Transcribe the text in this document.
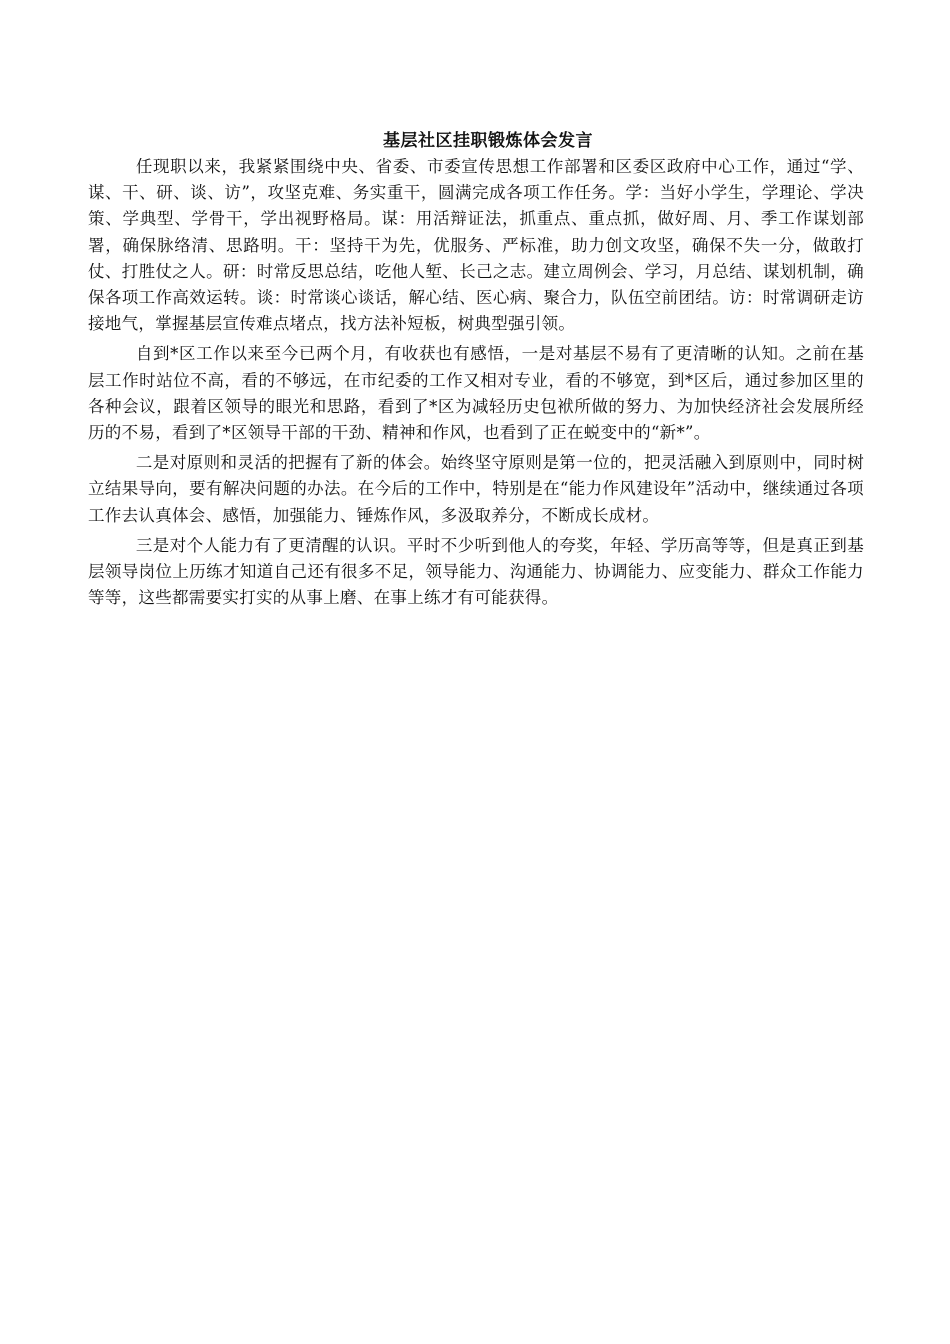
基层社区挂职锻炼体会发言

任现职以来，我紧紧围绕中央、省委、市委宣传思想工作部署和区委区政府中心工作，通过“学、谋、干、研、谈、访”，攻坚克难、务实重干，圆满完成各项工作任务。学：当好小学生，学理论、学决策、学典型、学骨干，学出视野格局。谋：用活辩证法，抓重点、重点抓，做好周、月、季工作谋划部署，确保脉络清、思路明。干：坚持干为先，优服务、严标准，助力创文攻坚，确保不失一分，做敢打仗、打胜仗之人。研：时常反思总结，吃他人堑、长己之志。建立周例会、学习，月总结、谋划机制，确保各项工作高效运转。谈：时常谈心谈话，解心结、医心病、聚合力，队伍空前团结。访：时常调研走访接地气，掌握基层宣传难点堵点，找方法补短板，树典型强引领。

自到*区工作以来至今已两个月，有收获也有感悟，一是对基层不易有了更清晰的认知。之前在基层工作时站位不高，看的不够远，在市纪委的工作又相对专业，看的不够宽，到*区后，通过参加区里的各种会议，跟着区领导的眼光和思路，看到了*区为减轻历史包袱所做的努力、为加快经济社会发展所经历的不易，看到了*区领导干部的干劲、精神和作风，也看到了正在蜕变中的“新*”。

二是对原则和灵活的把握有了新的体会。始终坚守原则是第一位的，把灵活融入到原则中，同时树立结果导向，要有解决问题的办法。在今后的工作中，特别是在“能力作风建设年”活动中，继续通过各项工作去认真体会、感悟，加强能力、锤炼作风，多汲取养分，不断成长成材。

三是对个人能力有了更清醒的认识。平时不少听到他人的夸奖，年轻、学历高等等，但是真正到基层领导岗位上历练才知道自己还有很多不足，领导能力、沟通能力、协调能力、应变能力、群众工作能力等等，这些都需要实打实的从事上磨、在事上练才有可能获得。
